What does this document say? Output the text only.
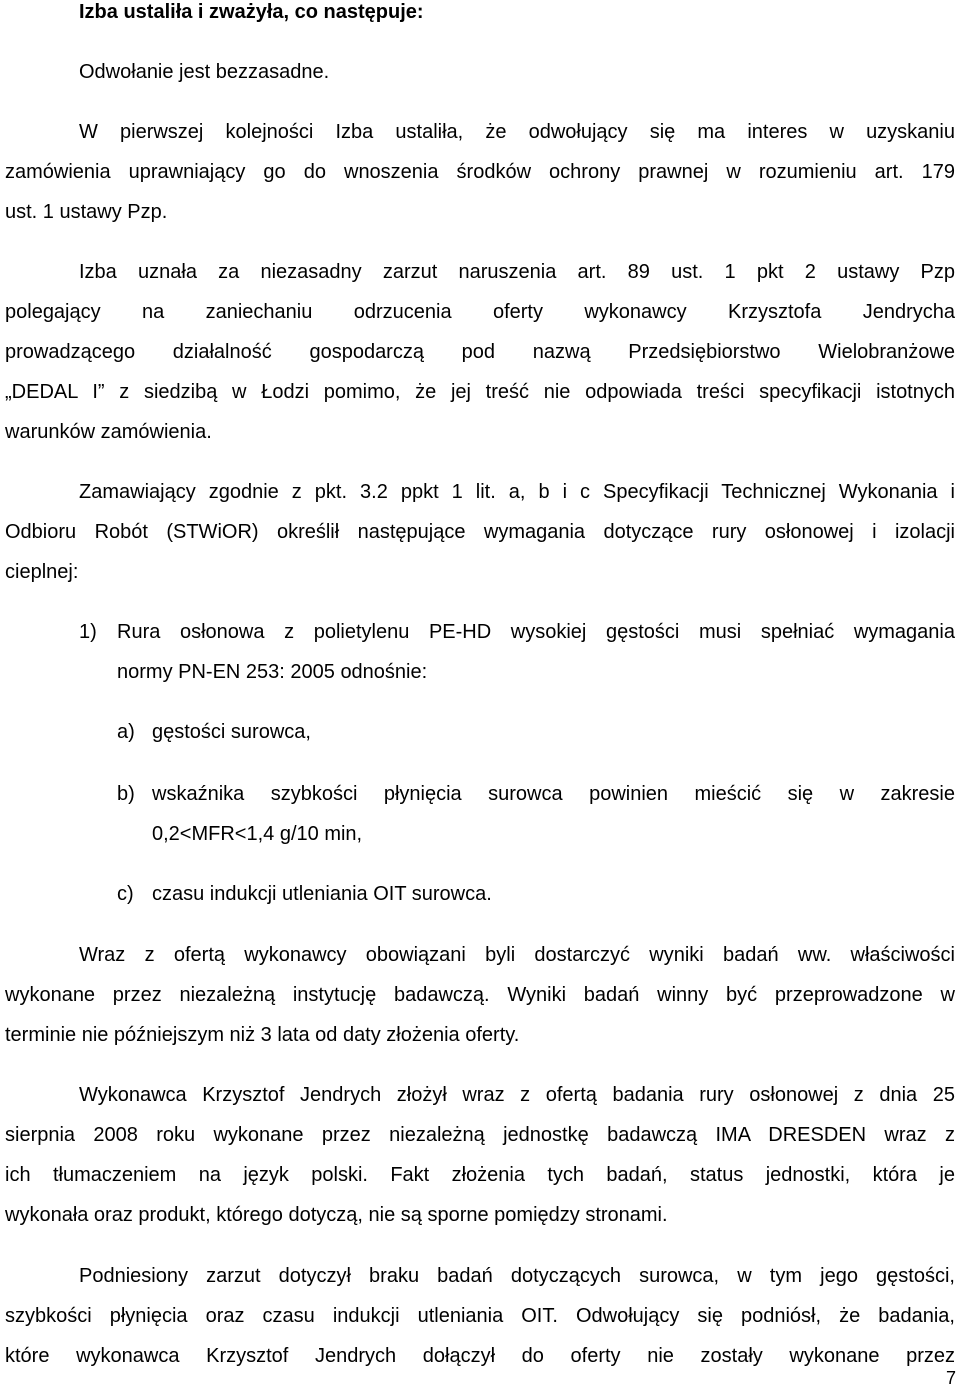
Izba ustaliła i zważyła, co następuje:
Odwołanie jest bezzasadne.
W pierwszej kolejności Izba ustaliła, że odwołujący się ma interes w uzyskaniu
zamówienia uprawniający go do wnoszenia środków ochrony prawnej w rozumieniu art. 179
ust. 1 ustawy Pzp.
Izba uznała za niezasadny zarzut naruszenia art. 89 ust. 1 pkt 2 ustawy Pzp
polegający na zaniechaniu odrzucenia oferty wykonawcy Krzysztofa Jendrycha
prowadzącego działalność gospodarczą pod nazwą Przedsiębiorstwo Wielobranżowe
„DEDAL I” z siedzibą w Łodzi pomimo, że jej treść nie odpowiada treści specyfikacji istotnych
warunków zamówienia.
Zamawiający zgodnie z pkt. 3.2 ppkt 1 lit. a, b i c Specyfikacji Technicznej Wykonania i
Odbioru Robót (STWiOR) określił następujące wymagania dotyczące rury osłonowej i izolacji
cieplnej:
1) Rura osłonowa z polietylenu PE-HD wysokiej gęstości musi spełniać wymagania
normy PN-EN 253: 2005 odnośnie:
a) gęstości surowca,
b) wskaźnika szybkości płynięcia surowca powinien mieścić się w zakresie
0,2<MFR<1,4 g/10 min,
c) czasu indukcji utleniania OIT surowca.
Wraz z ofertą wykonawcy obowiązani byli dostarczyć wyniki badań ww. właściwości
wykonane przez niezależną instytucję badawczą. Wyniki badań winny być przeprowadzone w
terminie nie późniejszym niż 3 lata od daty złożenia oferty.
Wykonawca Krzysztof Jendrych złożył wraz z ofertą badania rury osłonowej z dnia 25
sierpnia 2008 roku wykonane przez niezależną jednostkę badawczą IMA DRESDEN wraz z
ich tłumaczeniem na język polski. Fakt złożenia tych badań, status jednostki, która je
wykonała oraz produkt, którego dotyczą, nie są sporne pomiędzy stronami.
Podniesiony zarzut dotyczył braku badań dotyczących surowca, w tym jego gęstości,
szybkości płynięcia oraz czasu indukcji utleniania OIT. Odwołujący się podniósł, że badania,
które wykonawca Krzysztof Jendrych dołączył do oferty nie zostały wykonane przez
7
